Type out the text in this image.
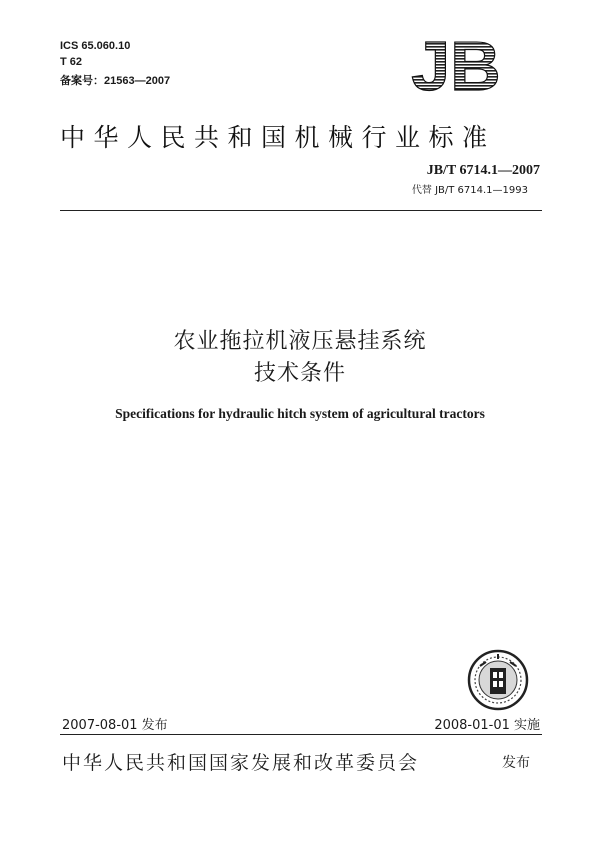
ICS 65.060.10
T 62
备案号：21563—2007	JB
中华人民共和国机械行业标准
JB/T 6714.1—2007
代替 JB/T 6714.1—1993
农业拖拉机液压悬挂系统
技术条件
Specifications for hydraulic hitch system of agricultural tractors
2007-08-01 发布	2008-01-01 实施
中华人民共和国国家发展和改革委员会	发布
